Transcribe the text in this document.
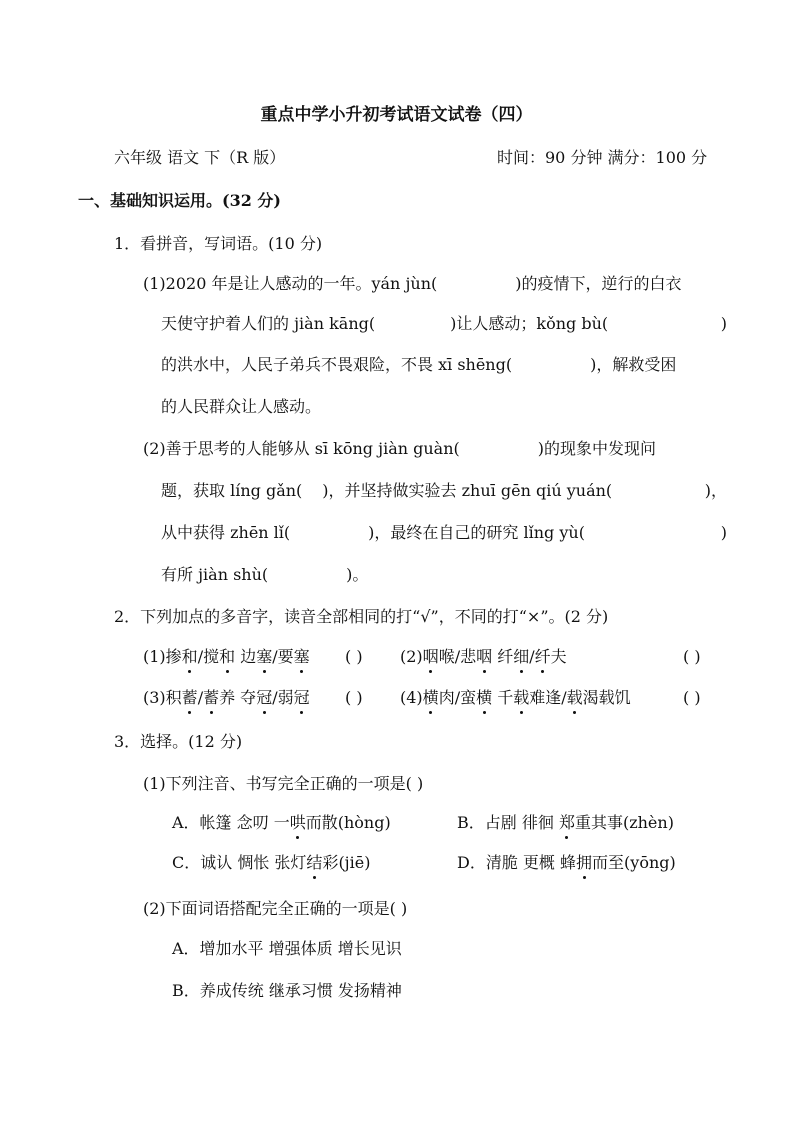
重点中学小升初考试语文试卷（四）
六年级 语文 下（R 版）	时间：90 分钟 满分：100 分
一、基础知识运用。(32 分)
1．看拼音，写词语。(10 分)
(1)2020 年是让人感动的一年。yán jùn(	)的疫情下，逆行的白衣
天使守护着人们的 jiàn kāng(	)让人感动；kǒng bù(	)
的洪水中，人民子弟兵不畏艰险，不畏 xī shēng(	)，解救受困
的人民群众让人感动。
(2)善于思考的人能够从 sī kōng jiàn guàn(	)的现象中发现问
题，获取 líng gǎn( )，并坚持做实验去 zhuī gēn qiú yuán(	)，
从中获得 zhēn lǐ(	)，最终在自己的研究 lǐng yù(	)
有所 jiàn shù(	)。
2．下列加点的多音字，读音全部相同的打“√”，不同的打“×”。(2 分)
(1)掺和/搅和 边塞/要塞 ( ) (2)咽喉/悲咽 纤细/纤夫	( )
(3)积蓄/蓄养 夺冠/弱冠 ( ) (4)横肉/蛮横 千载难逢/载渴载饥	( )
3．选择。(12 分)
(1)下列注音、书写完全正确的一项是( )
A．帐篷 念叨 一哄而散(hòng)	B．占剧 徘徊 郑重其事(zhèn)
C．诚认 惆怅 张灯结彩(jiē)	D．清脆 更概 蜂拥而至(yōng)
(2)下面词语搭配完全正确的一项是( )
A．增加水平 增强体质 增长见识
B．养成传统 继承习惯 发扬精神
